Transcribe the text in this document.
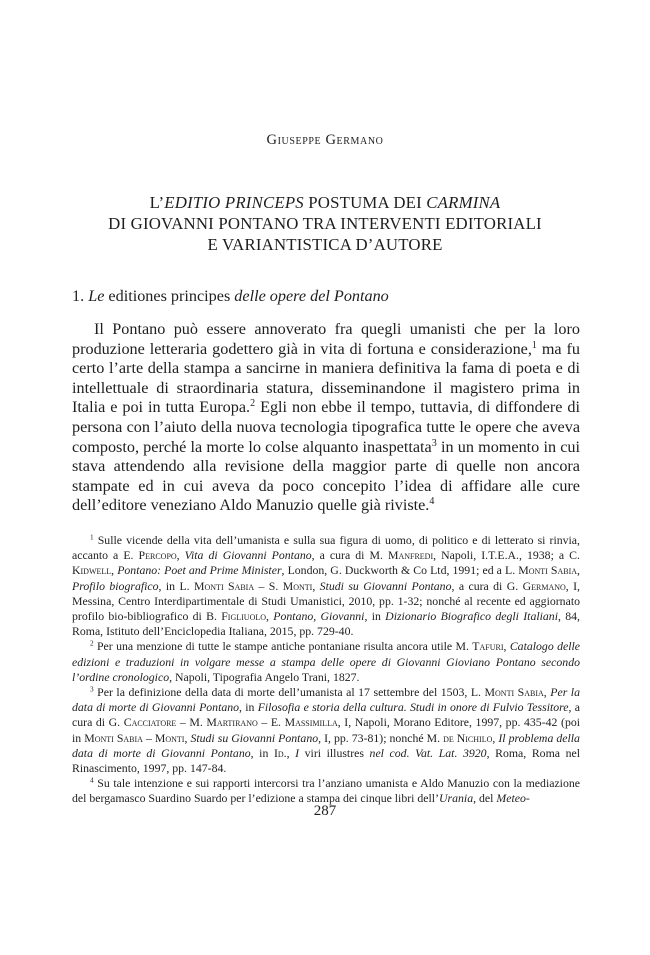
Giuseppe Germano
L’EDITIO PRINCEPS POSTUMA DEI CARMINA
DI GIOVANNI PONTANO TRA INTERVENTI EDITORIALI
E VARIANTISTICA D’AUTORE
1. Le editiones principes delle opere del Pontano

Il Pontano può essere annoverato fra quegli umanisti che per la loro produzione letteraria godettero già in vita di fortuna e considerazione,$^1$ ma fu certo l’arte della stampa a sancirne in maniera definitiva la fama di poeta e di intellettuale di straordinaria statura, disseminandone il magistero prima in Italia e poi in tutta Europa.$^2$ Egli non ebbe il tempo, tuttavia, di diffondere di persona con l’aiuto della nuova tecnologia tipografica tutte le opere che aveva composto, perché la morte lo colse alquanto inaspettata$^3$ in un momento in cui stava attendendo alla revisione della maggior parte di quelle non ancora stampate ed in cui aveva da poco concepito l’idea di affidare alle cure dell’editore veneziano Aldo Manuzio quelle già riviste.$^4$

$^1$ Sulle vicende della vita dell’umanista e sulla sua figura di uomo, di politico e di letterato si rinvia, accanto a E. Percopo, Vita di Giovanni Pontano, a cura di M. Manfredi, Napoli, I.T.E.A., 1938; a C. Kidwell, Pontano: Poet and Prime Minister, London, G. Duckworth & Co Ltd, 1991; ed a L. Monti Sabia, Profilo biografico, in L. Monti Sabia – S. Monti, Studi su Giovanni Pontano, a cura di G. Germano, I, Messina, Centro Interdipartimentale di Studi Umanistici, 2010, pp. 1-32; nonché al recente ed aggiornato profilo bio-bibliografico di B. Figliuolo, Pontano, Giovanni, in Dizionario Biografico degli Italiani, 84, Roma, Istituto dell’Enciclopedia Italiana, 2015, pp. 729-40.

$^2$ Per una menzione di tutte le stampe antiche pontaniane risulta ancora utile M. Tafuri, Catalogo delle edizioni e traduzioni in volgare messe a stampa delle opere di Giovanni Gioviano Pontano secondo l’ordine cronologico, Napoli, Tipografia Angelo Trani, 1827.

$^3$ Per la definizione della data di morte dell’umanista al 17 settembre del 1503, L. Monti Sabia, Per la data di morte di Giovanni Pontano, in Filosofia e storia della cultura. Studi in onore di Fulvio Tessitore, a cura di G. Cacciatore – M. Martirano – E. Massimilla, I, Napoli, Morano Editore, 1997, pp. 435-42 (poi in Monti Sabia – Monti, Studi su Giovanni Pontano, I, pp. 73-81); nonché M. de Nichilo, Il problema della data di morte di Giovanni Pontano, in Id., I viri illustres nel cod. Vat. Lat. 3920, Roma, Roma nel Rinascimento, 1997, pp. 147-84.

$^4$ Su tale intenzione e sui rapporti intercorsi tra l’anziano umanista e Aldo Manuzio con la mediazione del bergamasco Suardino Suardo per l’edizione a stampa dei cinque libri dell’Urania, del Meteo-

287
